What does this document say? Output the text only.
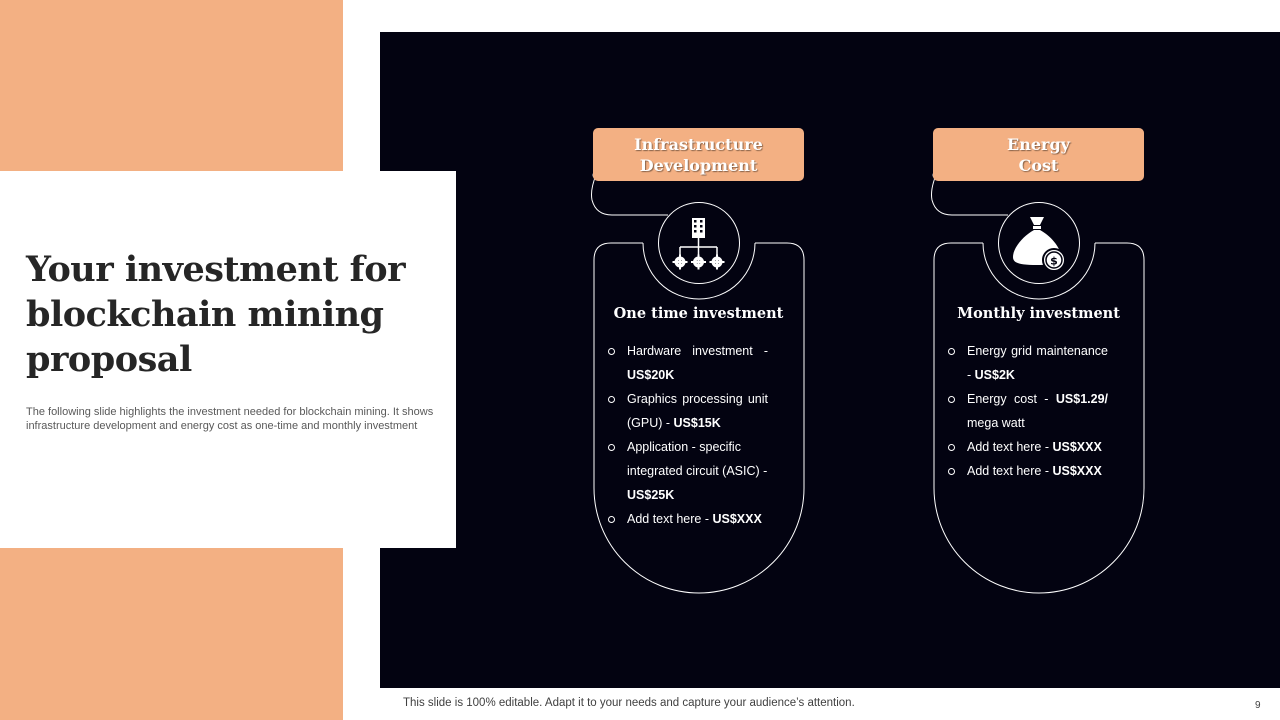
Your investment for blockchain mining proposal

The following slide highlights the investment needed for blockchain mining. It shows infrastructure development and energy cost as one-time and monthly investment

Infrastructure
Development
One time investment
Hardware investment - US$20K
Graphics processing unit (GPU) - US$15K
Application - specific integrated circuit (ASIC) - US$25K
Add text here - US$XXX
Energy
Cost
$
Monthly investment
Energy grid maintenance - US$2K
Energy cost - US$1.29/ mega watt
Add text here - US$XXX
Add text here - US$XXX
This slide is 100% editable. Adapt it to your needs and capture your audience’s attention.	9
